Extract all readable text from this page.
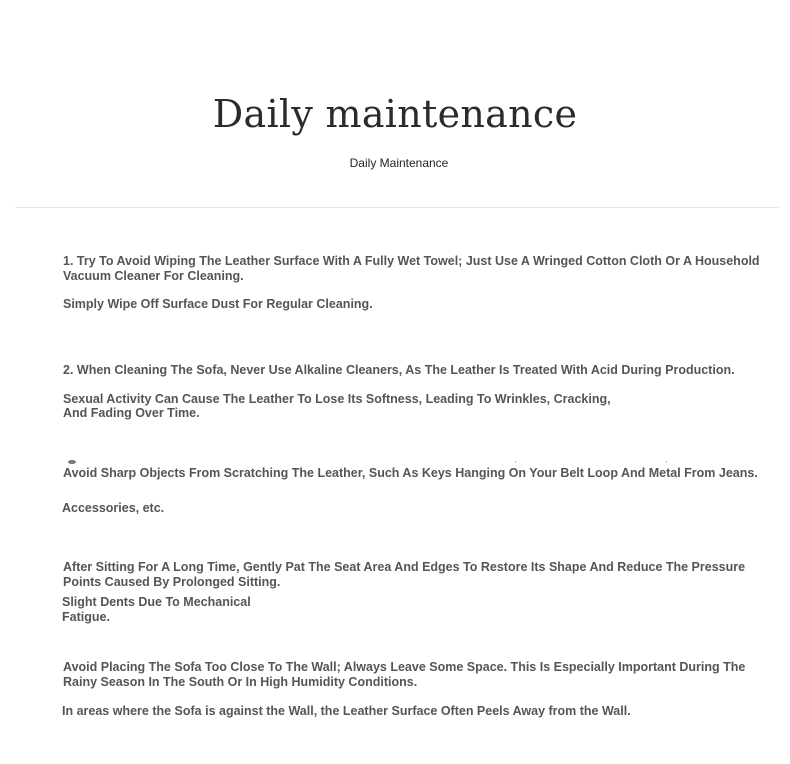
Daily maintenance
Daily Maintenance

1. Try To Avoid Wiping The Leather Surface With A Fully Wet Towel; Just Use A Wringed Cotton Cloth Or A Household Vacuum Cleaner For Cleaning.

Simply Wipe Off Surface Dust For Regular Cleaning.

2. When Cleaning The Sofa, Never Use Alkaline Cleaners, As The Leather Is Treated With Acid During Production.

Sexual Activity Can Cause The Leather To Lose Its Softness, Leading To Wrinkles, Cracking,

And Fading Over Time.

Avoid Sharp Objects From Scratching The Leather, Such As Keys Hanging On Your Belt Loop And Metal From Jeans.

Accessories, etc.

After Sitting For A Long Time, Gently Pat The Seat Area And Edges To Restore Its Shape And Reduce The Pressure Points Caused By Prolonged Sitting.

Slight Dents Due To Mechanical

Fatigue.

Avoid Placing The Sofa Too Close To The Wall; Always Leave Some Space. This Is Especially Important During The Rainy Season In The South Or In High Humidity Conditions.

In areas where the Sofa is against the Wall, the Leather Surface Often Peels Away from the Wall.
